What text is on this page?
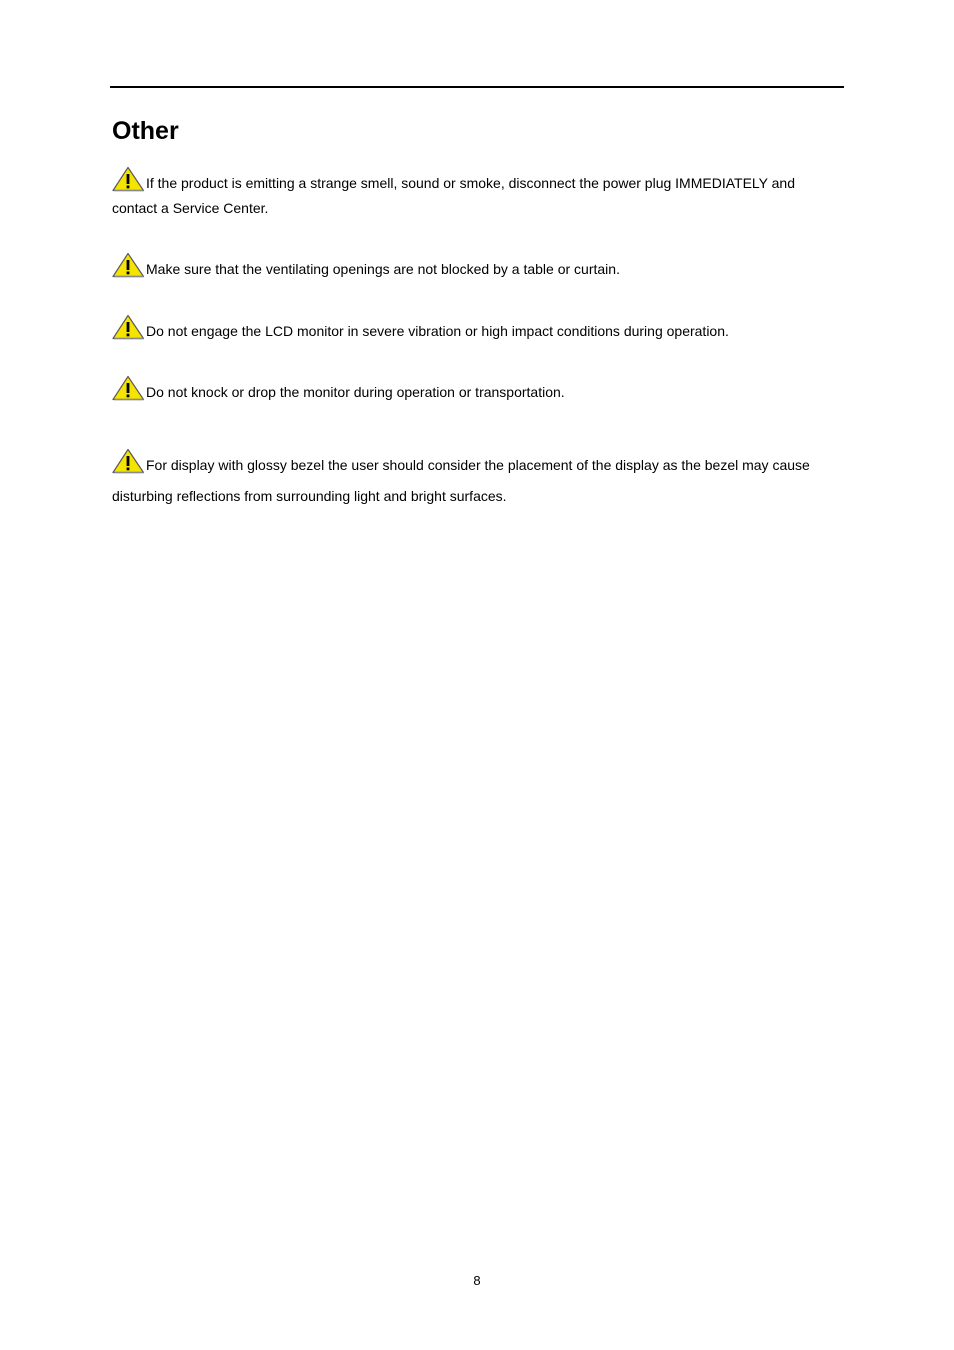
Other
If the product is emitting a strange smell, sound or smoke, disconnect the power plug IMMEDIATELY and contact a Service Center.
Make sure that the ventilating openings are not blocked by a table or curtain.
Do not engage the LCD monitor in severe vibration or high impact conditions during operation.
Do not knock or drop the monitor during operation or transportation.
For display with glossy bezel the user should consider the placement of the display as the bezel may cause disturbing reflections from surrounding light and bright surfaces.
8
